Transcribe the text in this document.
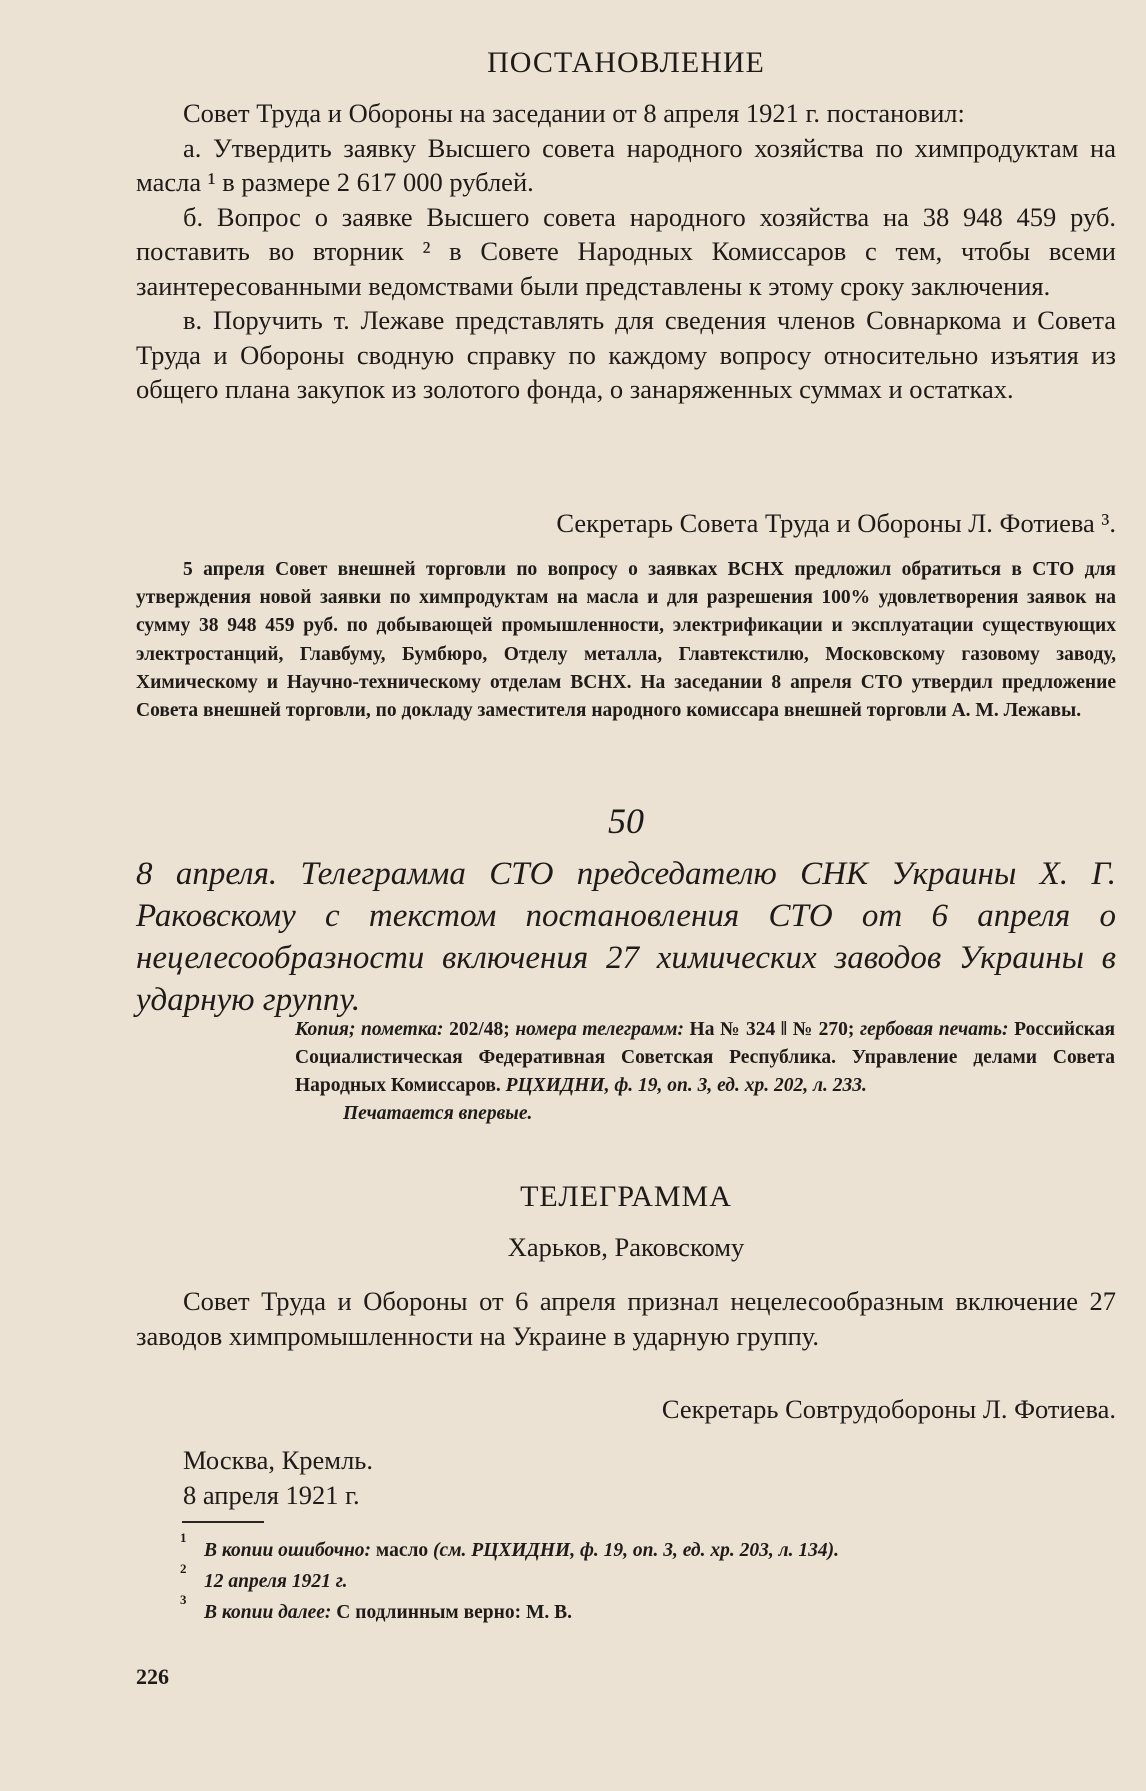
ПОСТАНОВЛЕНИЕ

Совет Труда и Обороны на заседании от 8 апреля 1921 г. постановил:

а. Утвердить заявку Высшего совета народного хозяйства по химпродуктам на масла ¹ в размере 2 617 000 рублей.

б. Вопрос о заявке Высшего совета народного хозяйства на 38 948 459 руб. поставить во вторник ² в Совете Народных Комиссаров с тем, чтобы всеми заинтересованными ведомствами были представлены к этому сроку заключения.

в. Поручить т. Лежаве представлять для сведения членов Совнаркома и Совета Труда и Обороны сводную справку по каждому вопросу относительно изъятия из общего плана закупок из золотого фонда, о занаряженных суммах и остатках.

Секретарь Совета Труда и Обороны Л. Фотиева ³.
5 апреля Совет внешней торговли по вопросу о заявках ВСНХ предложил обратиться в СТО для утверждения новой заявки по химпродуктам на масла и для разрешения 100% удовлетворения заявок на сумму 38 948 459 руб. по добывающей промышленности, электрификации и эксплуатации существующих электростанций, Главбуму, Бумбюро, Отделу металла, Главтекстилю, Московскому газовому заводу, Химическому и Научно-техническому отделам ВСНХ. На заседании 8 апреля СТО утвердил предложение Совета внешней торговли, по докладу заместителя народного комиссара внешней торговли А. М. Лежавы.
50
8 апреля. Телеграмма СТО председателю СНК Украины Х. Г. Раковскому с текстом постановления СТО от 6 апреля о нецелесообразности включения 27 химических заводов Украины в ударную группу.
Копия; пометка: 202/48; номера телеграмм: На № 324 ‖ № 270; гербовая печать: Российская Социалистическая Федеративная Советская Республика. Управление делами Совета Народных Комиссаров. РЦХИДНИ, ф. 19, оп. 3, ед. хр. 202, л. 233.
Печатается впервые.
ТЕЛЕГРАММА
Харьков, Раковскому
Совет Труда и Обороны от 6 апреля признал нецелесообразным включение 27 заводов химпромышленности на Украине в ударную группу.
Секретарь Совтрудобороны Л. Фотиева.

Москва, Кремль.

8 апреля 1921 г.

1
В копии ошибочно: масло (см. РЦХИДНИ, ф. 19, оп. 3, ед. хр. 203, л. 134).
2
12 апреля 1921 г.
3
В копии далее: С подлинным верно: М. В.
226
